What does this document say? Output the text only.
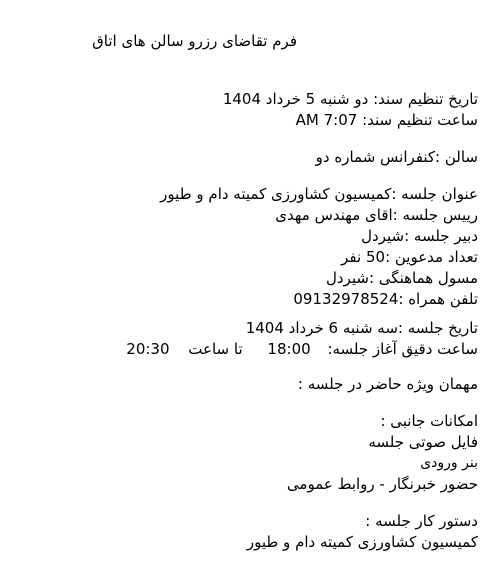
فرم تقاضای رزرو سالن های اتاق
تاریخ تنظیم سند: دو شنبه 5 خرداد 1404
ساعت تنظیم سند: AM 7:07
سالن :کنفرانس شماره دو
عنوان جلسه :کمیسیون کشاورزی کمیته دام و طیور
رییس جلسه :اقای مهندس مهدی
دبیر جلسه :شیردل
تعداد مدعوین :50 نفر
مسول هماهنگی :شیردل
تلفن همراه :09132978524
تاریخ جلسه :سه شنبه 6 خرداد 1404
ساعت دقیق آغاز جلسه: 18:00 تا ساعت 20:30
مهمان ویژه حاضر در جلسه :
امکانات جانبی :
فایل صوتی جلسه
بنر ورودی
حضور خبرنگار - روابط عمومی
دستور کار جلسه :
کمیسیون کشاورزی کمیته دام و طیور
